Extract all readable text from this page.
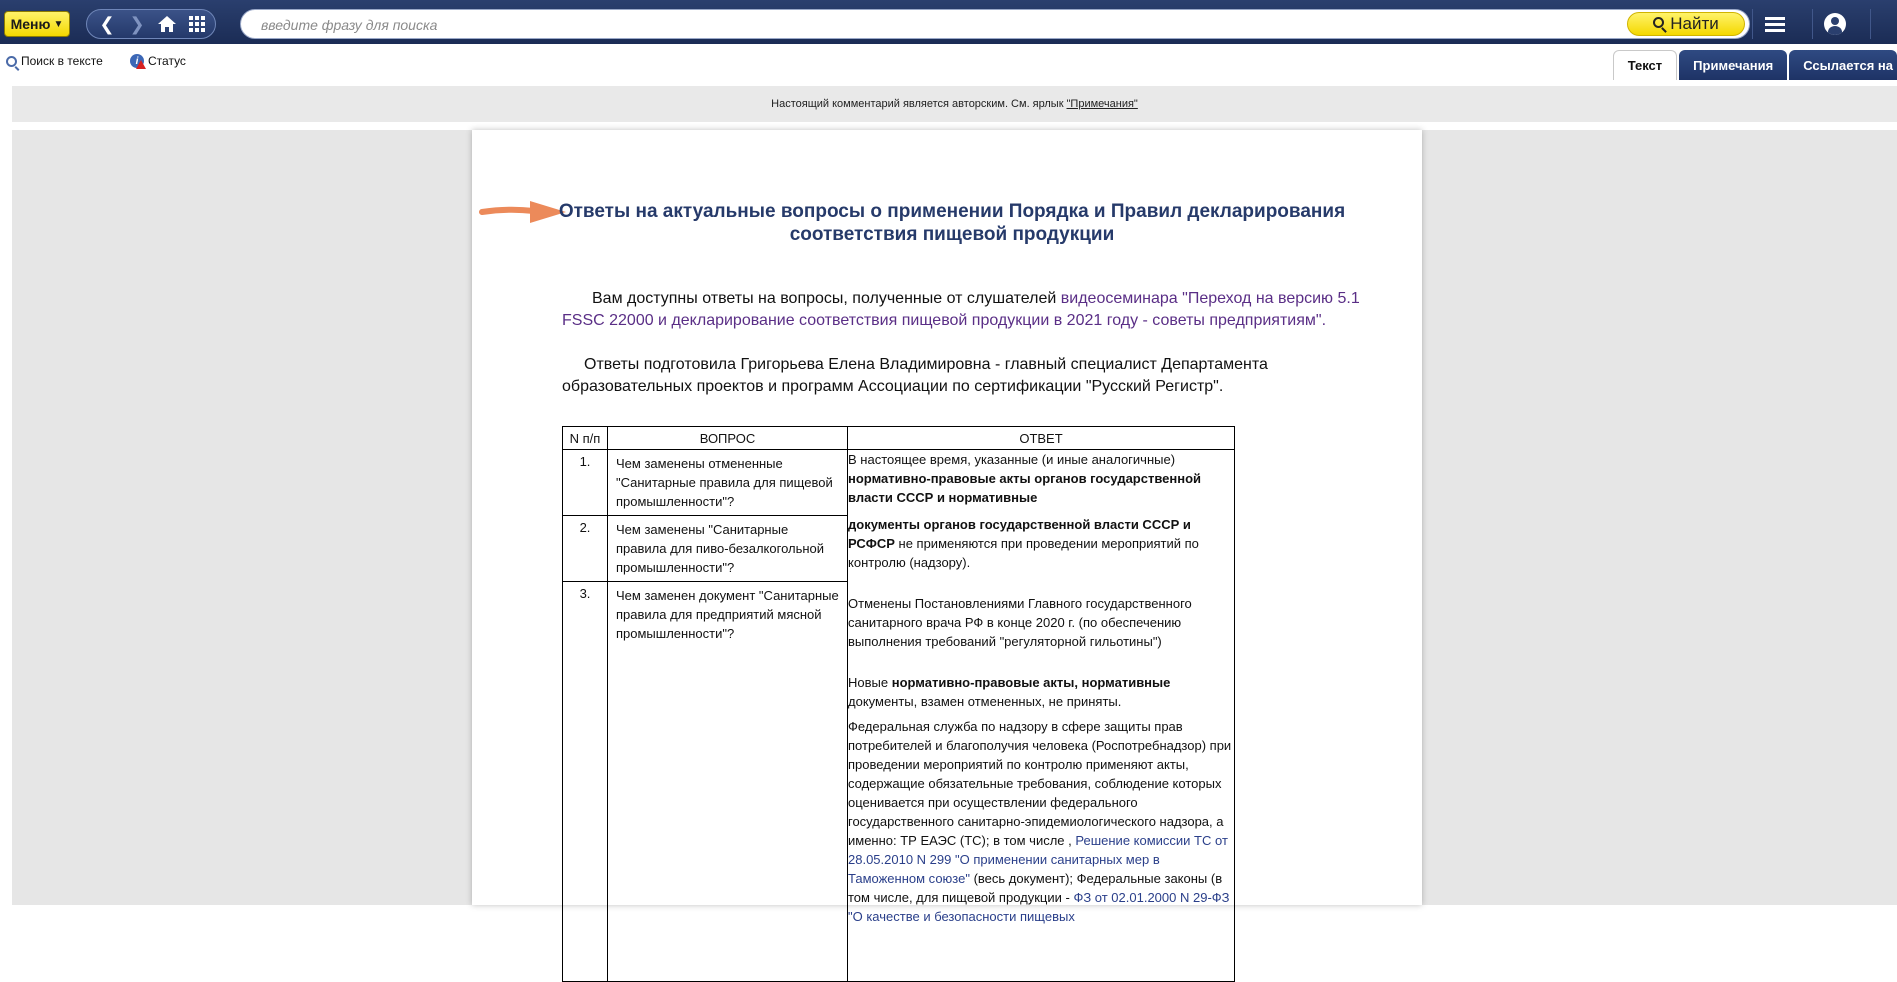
Меню ▼	❮ ❯
введите фразу для поиска	Найти
Поиск в тексте	i Статус	Текст Примечания Ссылается на
Настоящий комментарий является авторским. См. ярлык "Примечания"
Ответы на актуальные вопросы о применении Порядка и Правил декларирования соответствия пищевой продукции
Вам доступны ответы на вопросы, полученные от слушателей видеосеминара "Переход на версию 5.1 FSSC 22000 и декларирование соответствия пищевой продукции в 2021 году - советы предприятиям".
Ответы подготовила Григорьева Елена Владимировна - главный специалист Департамента образовательных проектов и программ Ассоциации по сертификации "Русский Регистр".
N п/п	ВОПРОС	ОТВЕТ
1.	Чем заменены отмененные "Санитарные правила для пищевой промышленности"?	В настоящее время, указанные (и иные аналогичные) нормативно-правовые акты органов государственной власти СССР и нормативные

документы органов государственной власти СССР и РСФСР не применяются при проведении мероприятий по контролю (надзору).

Отменены Постановлениями Главного государственного санитарного врача РФ в конце 2020 г. (по обеспечению выполнения требований "регуляторной гильотины")

Новые нормативно-правовые акты, нормативные документы, взамен отмененных, не приняты.

Федеральная служба по надзору в сфере защиты прав потребителей и благополучия человека (Роспотребнадзор) при проведении мероприятий по контролю применяют акты, содержащие обязательные требования, соблюдение которых оценивается при осуществлении федерального государственного санитарно-эпидемиологического надзора, а именно: ТР ЕАЭС (ТС); в том числе , Решение комиссии ТС от 28.05.2010 N 299 "О применении санитарных мер в Таможенном союзе" (весь документ); Федеральные законы (в том числе, для пищевой продукции - ФЗ от 02.01.2000 N 29-ФЗ "О качестве и безопасности пищевых

2.	Чем заменены "Санитарные правила для пиво-безалкогольной промышленности"?	
3.	Чем заменен документ "Санитарные правила для предприятий мясной промышленности"?	
